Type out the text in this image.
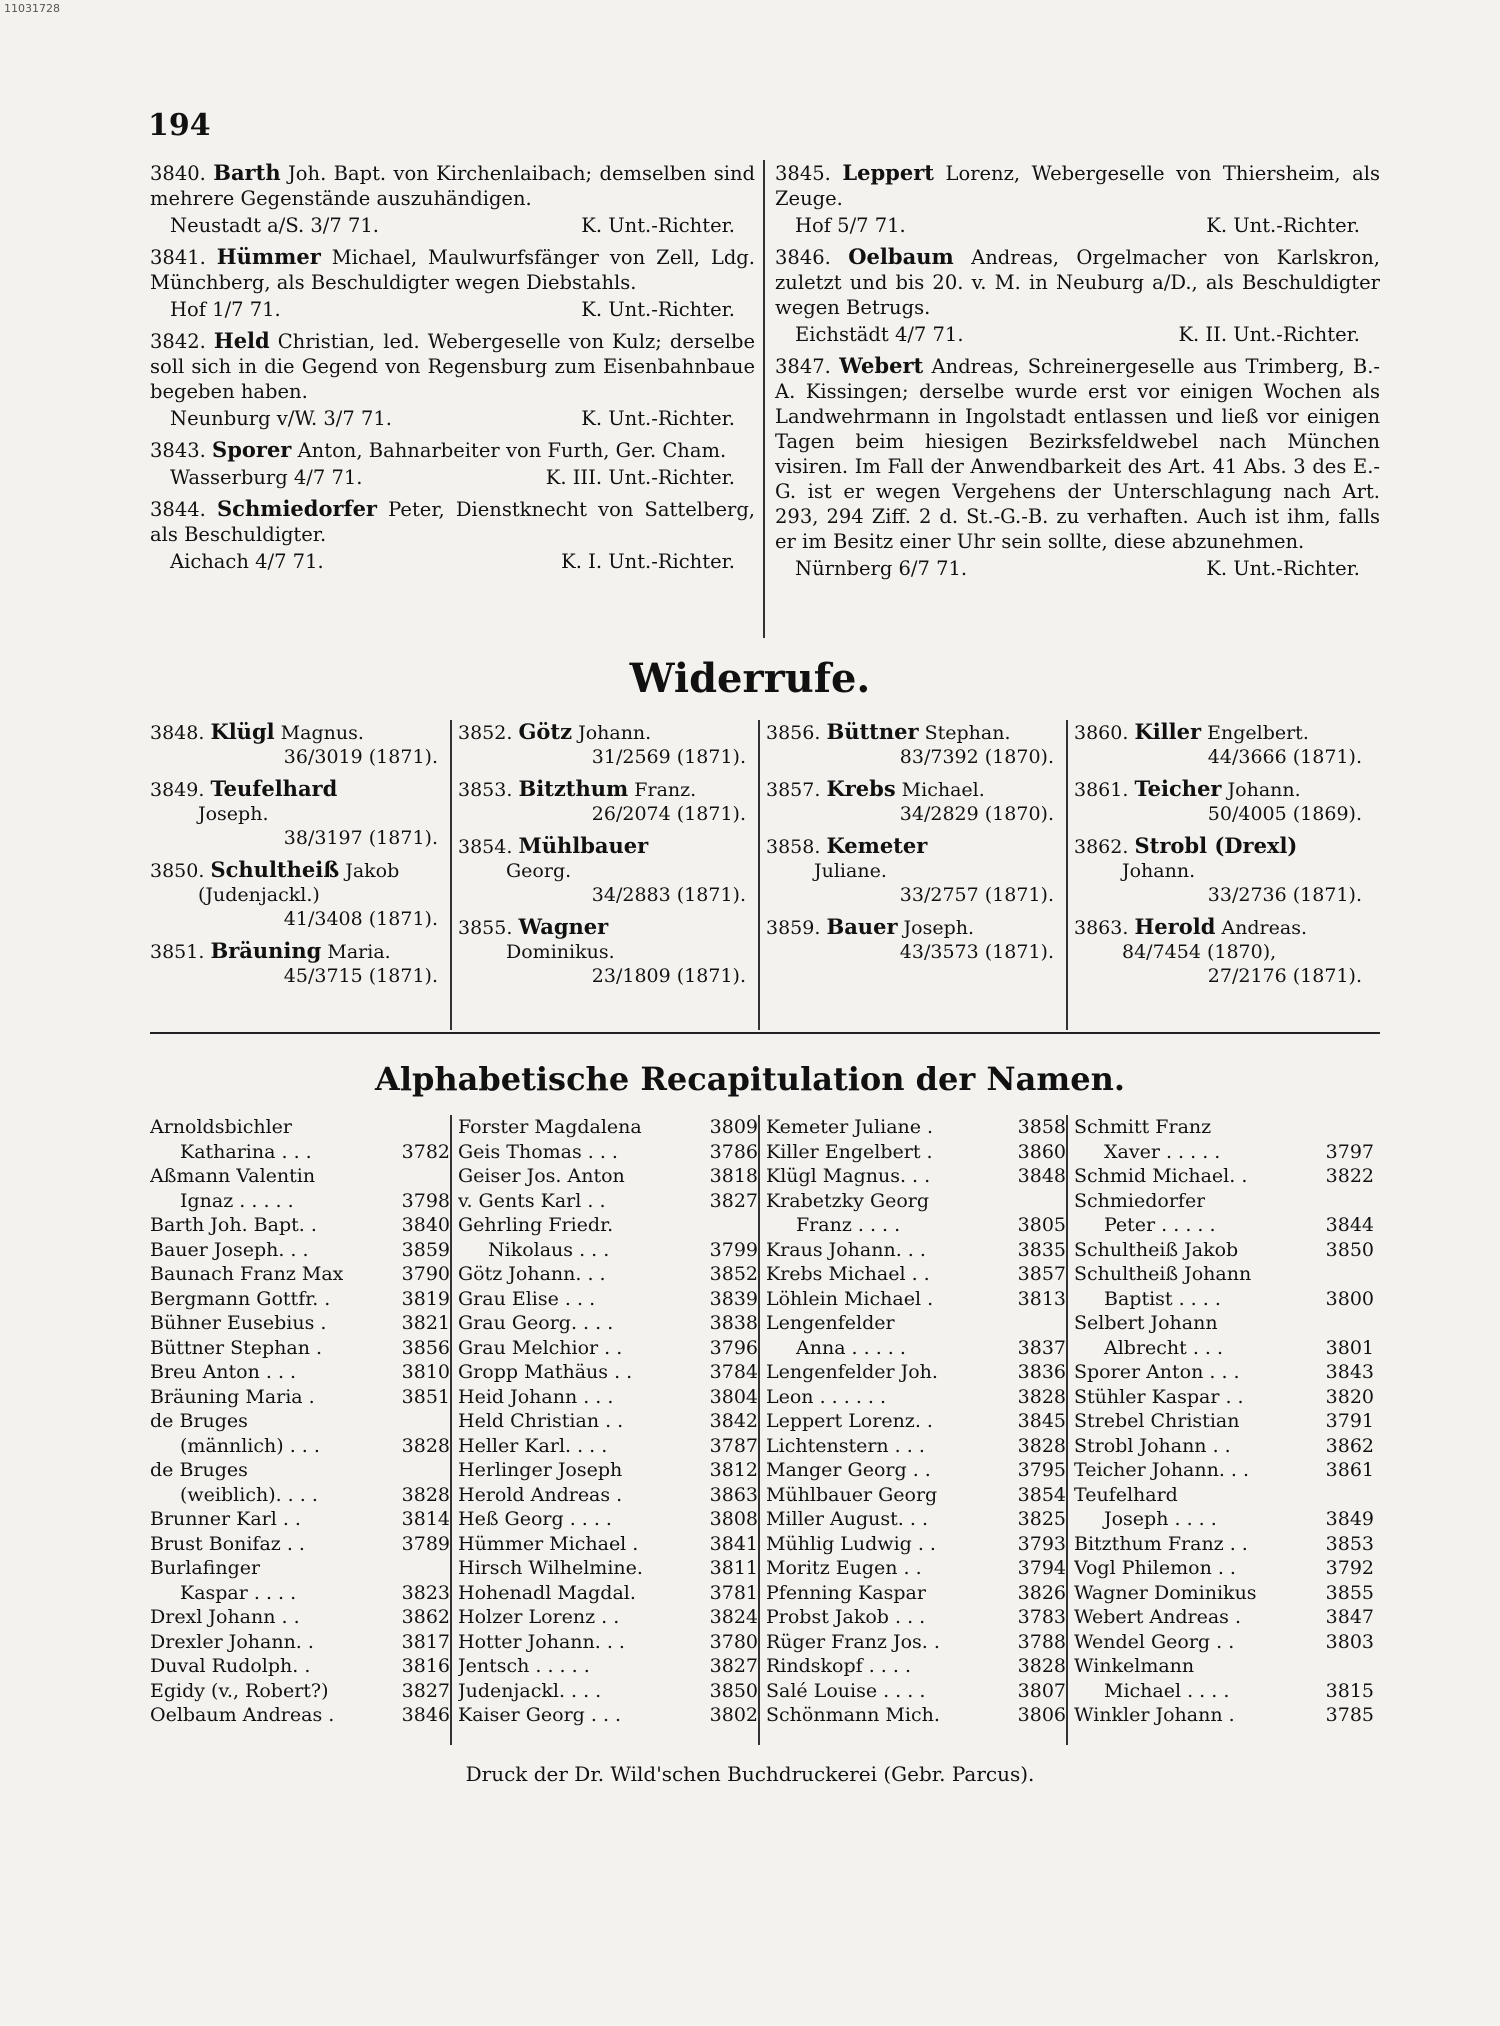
11031728
194

3840. Barth Joh. Bapt. von Kirchenlaibach; demselben sind mehrere Gegenstände auszuhändigen.

Neustadt a/S. 3/7 71.	K. Unt.-Richter.

3841. Hümmer Michael, Maulwurfsfänger von Zell, Ldg. Münchberg, als Beschuldigter wegen Diebstahls.

Hof 1/7 71.	K. Unt.-Richter.

3842. Held Christian, led. Webergeselle von Kulz; derselbe soll sich in die Gegend von Regensburg zum Eisenbahnbaue begeben haben.

Neunburg v/W. 3/7 71.	K. Unt.-Richter.

3843. Sporer Anton, Bahnarbeiter von Furth, Ger. Cham.

Wasserburg 4/7 71.	K. III. Unt.-Richter.

3844. Schmiedorfer Peter, Dienstknecht von Sattelberg, als Beschuldigter.

Aichach 4/7 71.	K. I. Unt.-Richter.

3845. Leppert Lorenz, Webergeselle von Thiersheim, als Zeuge.

Hof 5/7 71.	K. Unt.-Richter.

3846. Oelbaum Andreas, Orgelmacher von Karlskron, zuletzt und bis 20. v. M. in Neuburg a/D., als Beschuldigter wegen Betrugs.

Eichstädt 4/7 71.	K. II. Unt.-Richter.

3847. Webert Andreas, Schreinergeselle aus Trimberg, B.-A. Kissingen; derselbe wurde erst vor einigen Wochen als Landwehrmann in Ingolstadt entlassen und ließ vor einigen Tagen beim hiesigen Bezirksfeldwebel nach München visiren. Im Fall der Anwendbarkeit des Art. 41 Abs. 3 des E.-G. ist er wegen Vergehens der Unterschlagung nach Art. 293, 294 Ziff. 2 d. St.-G.-B. zu verhaften. Auch ist ihm, falls er im Besitz einer Uhr sein sollte, diese abzunehmen.

Nürnberg 6/7 71.	K. Unt.-Richter.
Widerrufe.
3848. Klügl Magnus.
36/3019 (1871).
3849. Teufelhard
Joseph.
38/3197 (1871).
3850. Schultheiß Jakob
(Judenjackl.)
41/3408 (1871).
3851. Bräuning Maria.
45/3715 (1871).
3852. Götz Johann.
31/2569 (1871).
3853. Bitzthum Franz.
26/2074 (1871).
3854. Mühlbauer
Georg.
34/2883 (1871).
3855. Wagner
Dominikus.
23/1809 (1871).
3856. Büttner Stephan.
83/7392 (1870).
3857. Krebs Michael.
34/2829 (1870).
3858. Kemeter
Juliane.
33/2757 (1871).
3859. Bauer Joseph.
43/3573 (1871).
3860. Killer Engelbert.
44/3666 (1871).
3861. Teicher Johann.
50/4005 (1869).
3862. Strobl (Drexl)
Johann.
33/2736 (1871).
3863. Herold Andreas.
84/7454 (1870),
27/2176 (1871).
Alphabetische Recapitulation der Namen.
Arnoldsbichler
Katharina . . .	3782
Aßmann Valentin
Ignaz . . . . .	3798
Barth Joh. Bapt. .	3840
Bauer Joseph. . .	3859
Baunach Franz Max	3790
Bergmann Gottfr. .	3819
Bühner Eusebius .	3821
Büttner Stephan .	3856
Breu Anton . . .	3810
Bräuning Maria .	3851
de Bruges
(männlich) . . .	3828
de Bruges
(weiblich). . . .	3828
Brunner Karl . .	3814
Brust Bonifaz . .	3789
Burlafinger
Kaspar . . . .	3823
Drexl Johann . .	3862
Drexler Johann. .	3817
Duval Rudolph. .	3816
Egidy (v., Robert?)	3827
Oelbaum Andreas .	3846
Forster Magdalena	3809
Geis Thomas . . .	3786
Geiser Jos. Anton	3818
v. Gents Karl . .	3827
Gehrling Friedr.
Nikolaus . . .	3799
Götz Johann. . .	3852
Grau Elise . . .	3839
Grau Georg. . . .	3838
Grau Melchior . .	3796
Gropp Mathäus . .	3784
Heid Johann . . .	3804
Held Christian . .	3842
Heller Karl. . . .	3787
Herlinger Joseph	3812
Herold Andreas .	3863
Heß Georg . . . .	3808
Hümmer Michael .	3841
Hirsch Wilhelmine.	3811
Hohenadl Magdal.	3781
Holzer Lorenz . .	3824
Hotter Johann. . .	3780
Jentsch . . . . .	3827
Judenjackl. . . .	3850
Kaiser Georg . . .	3802
Kemeter Juliane .	3858
Killer Engelbert .	3860
Klügl Magnus. . .	3848
Krabetzky Georg
Franz . . . .	3805
Kraus Johann. . .	3835
Krebs Michael . .	3857
Löhlein Michael .	3813
Lengenfelder
Anna . . . . .	3837
Lengenfelder Joh.	3836
Leon . . . . . .	3828
Leppert Lorenz. .	3845
Lichtenstern . . .	3828
Manger Georg . .	3795
Mühlbauer Georg	3854
Miller August. . .	3825
Mühlig Ludwig . .	3793
Moritz Eugen . .	3794
Pfenning Kaspar	3826
Probst Jakob . . .	3783
Rüger Franz Jos. .	3788
Rindskopf . . . .	3828
Salé Louise . . . .	3807
Schönmann Mich.	3806
Schmitt Franz
Xaver . . . . .	3797
Schmid Michael. .	3822
Schmiedorfer
Peter . . . . .	3844
Schultheiß Jakob	3850
Schultheiß Johann
Baptist . . . .	3800
Selbert Johann
Albrecht . . .	3801
Sporer Anton . . .	3843
Stühler Kaspar . .	3820
Strebel Christian	3791
Strobl Johann . .	3862
Teicher Johann. . .	3861
Teufelhard
Joseph . . . .	3849
Bitzthum Franz . .	3853
Vogl Philemon . .	3792
Wagner Dominikus	3855
Webert Andreas .	3847
Wendel Georg . .	3803
Winkelmann
Michael . . . .	3815
Winkler Johann .	3785
Druck der Dr. Wild'schen Buchdruckerei (Gebr. Parcus).
